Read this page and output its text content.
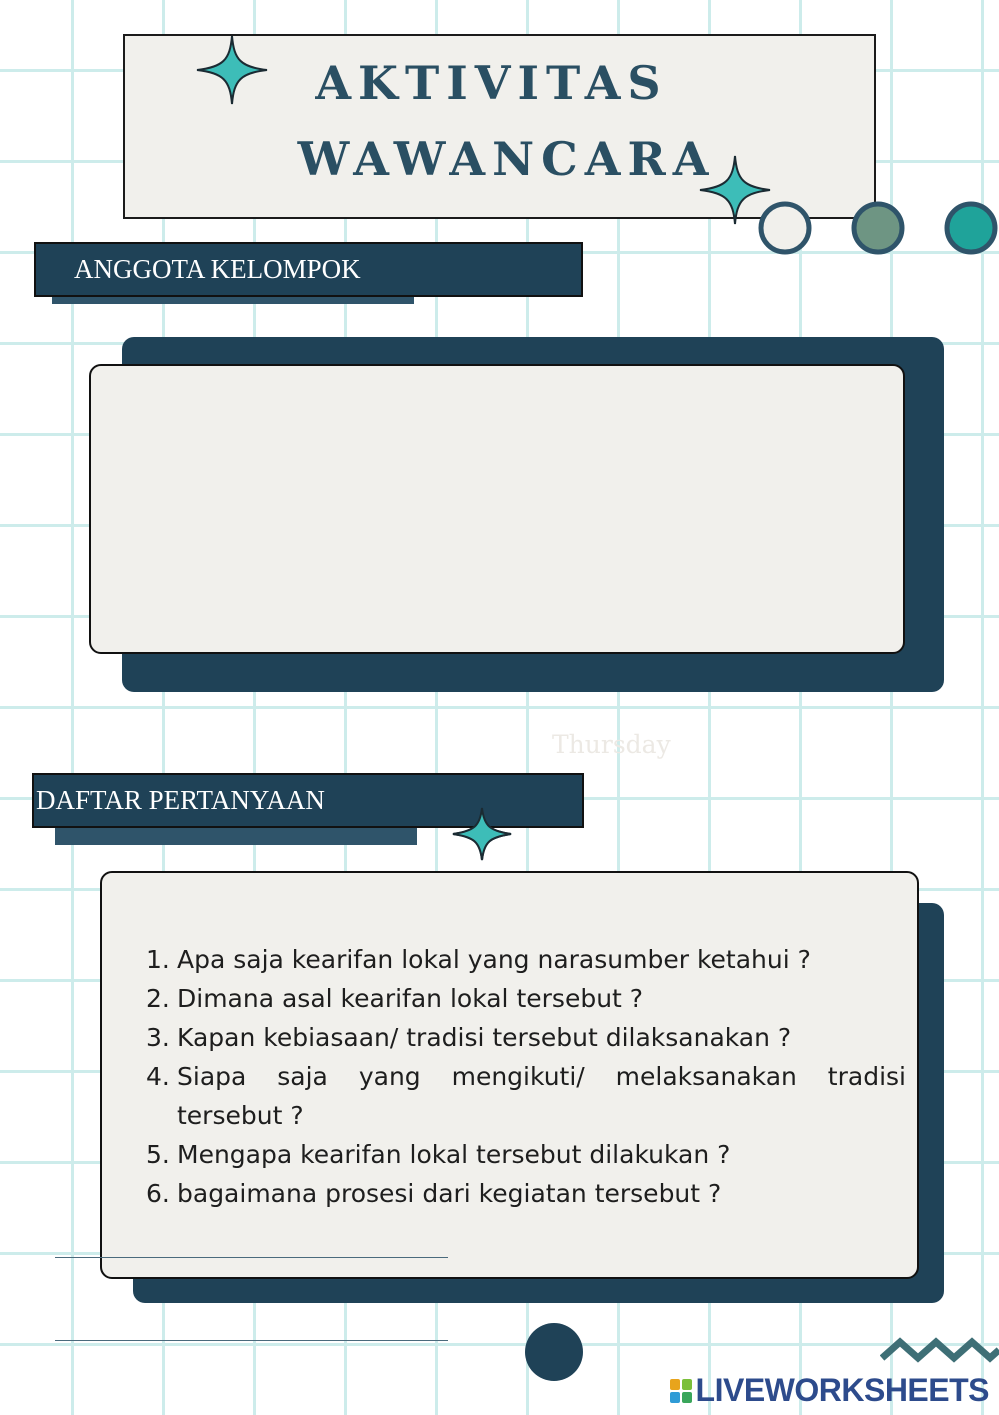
AKTIVITAS
WAWANCARA
ANGGOTA KELOMPOK
Thursday
DAFTAR PERTANYAAN
1. Apa saja kearifan lokal yang narasumber ketahui ?
2. Dimana asal kearifan lokal tersebut ?
3. Kapan kebiasaan/ tradisi tersebut dilaksanakan ?
4. Siapa saja yang mengikuti/ melaksanakan tradisi
tersebut ?
5. Mengapa kearifan lokal tersebut dilakukan ?
6. bagaimana prosesi dari kegiatan tersebut ?
LIVEWORKSHEETS
